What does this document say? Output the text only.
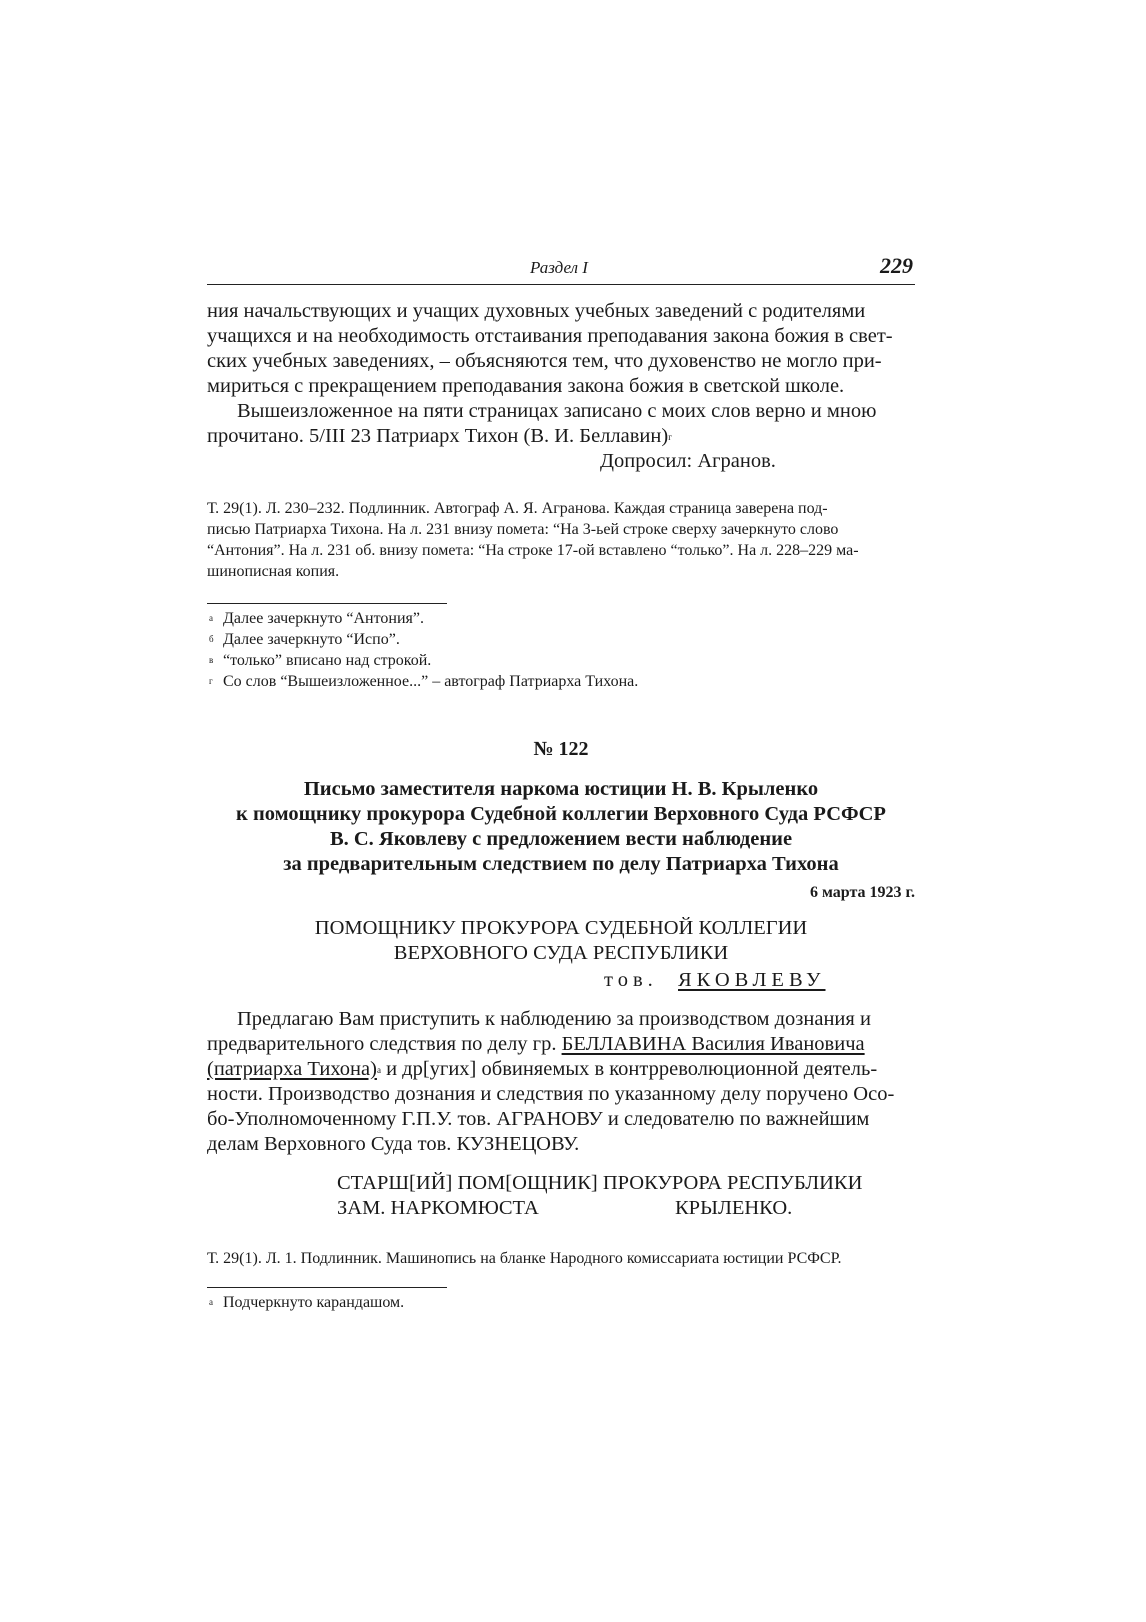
Раздел I	229
ния начальствующих и учащих духовных учебных заведений с родителями
учащихся и на необходимость отстаивания преподавания закона божия в свет-
ских учебных заведениях, – объясняются тем, что духовенство не могло при-
мириться с прекращением преподавания закона божия в светской школе.
Вышеизложенное на пяти страницах записано с моих слов верно и мною
прочитано. 5/III 23 Патриарх Тихон (В. И. Беллавин)$^г$
Допросил: Агранов.
Т. 29(1). Л. 230–232. Подлинник. Автограф А. Я. Агранова. Каждая страница заверена под-
писью Патриарха Тихона. На л. 231 внизу помета: “На 3-ьей строке сверху зачеркнуто слово
“Антония”. На л. 231 об. внизу помета: “На строке 17-ой вставлено “только”. На л. 228–229 ма-
шинописная копия.
а Далее зачеркнуто “Антония”.
б Далее зачеркнуто “Испо”.
в “только” вписано над строкой.
г Со слов “Вышеизложенное...” – автограф Патриарха Тихона.
№ 122
Письмо заместителя наркома юстиции Н. В. Крыленко
к помощнику прокурора Судебной коллегии Верховного Суда РСФСР
В. С. Яковлеву с предложением вести наблюдение
за предварительным следствием по делу Патриарха Тихона
6 марта 1923 г.
ПОМОЩНИКУ ПРОКУРОРА СУДЕБНОЙ КОЛЛЕГИИ
ВЕРХОВНОГО СУДА РЕСПУБЛИКИ
тов. ЯКОВЛЕВУ
Предлагаю Вам приступить к наблюдению за производством дознания и
предварительного следствия по делу гр. БЕЛЛАВИНА Василия Ивановича
(патриарха Тихона)$^а$ и др[угих] обвиняемых в контрреволюционной деятель-
ности. Производство дознания и следствия по указанному делу поручено Осо-
бо-Уполномоченному Г.П.У. тов. АГРАНОВУ и следователю по важнейшим
делам Верховного Суда тов. КУЗНЕЦОВУ.
СТАРШ[ИЙ] ПОМ[ОЩНИК] ПРОКУРОРА РЕСПУБЛИКИ
ЗАМ. НАРКОМЮСТА	КРЫЛЕНКО.
Т. 29(1). Л. 1. Подлинник. Машинопись на бланке Народного комиссариата юстиции РСФСР.
а Подчеркнуто карандашом.
